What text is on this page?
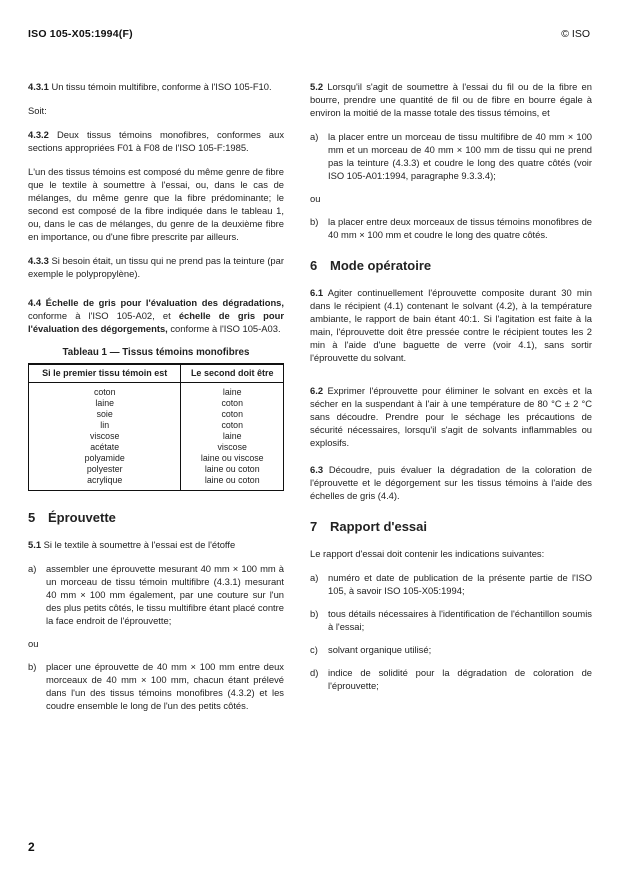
ISO 105-X05:1994(F)	© ISO

4.3.1 Un tissu témoin multifibre, conforme à l'ISO 105-F10.

Soit:

4.3.2 Deux tissus témoins monofibres, conformes aux sections appropriées F01 à F08 de l'ISO 105-F:1985.

L'un des tissus témoins est composé du même genre de fibre que le textile à soumettre à l'essai, ou, dans le cas de mélanges, du même genre que la fibre prédominante; le second est composé de la fibre indiquée dans le tableau 1, ou, dans le cas de mélanges, du genre de la deuxième fibre en importance, ou d'une fibre prescrite par ailleurs.

4.3.3 Si besoin était, un tissu qui ne prend pas la teinture (par exemple le polypropylène).

4.4 Échelle de gris pour l'évaluation des dégradations, conforme à l'ISO 105-A02, et échelle de gris pour l'évaluation des dégorgements, conforme à l'ISO 105-A03.

Tableau 1 — Tissus témoins monofibres
Si le premier tissu témoin est	Le second doit être
coton	laine
laine	coton
soie	coton
lin	coton
viscose	laine
acétate	viscose
polyamide	laine ou viscose
polyester	laine ou coton
acrylique	laine ou coton
5 Éprouvette

5.1 Si le textile à soumettre à l'essai est de l'étoffe

a)	assembler une éprouvette mesurant 40 mm × 100 mm à un morceau de tissu témoin multifibre (4.3.1) mesurant 40 mm × 100 mm également, par une couture sur l'un des plus petits côtés, le tissu multifibre étant placé contre la face endroit de l'éprouvette;
ou
b)	placer une éprouvette de 40 mm × 100 mm entre deux morceaux de 40 mm × 100 mm, chacun étant prélevé dans l'un des tissus témoins monofibres (4.3.2) et les coudre ensemble le long de l'un des petits côtés.

5.2 Lorsqu'il s'agit de soumettre à l'essai du fil ou de la fibre en bourre, prendre une quantité de fil ou de fibre en bourre égale à environ la moitié de la masse totale des tissus témoins, et

a)	la placer entre un morceau de tissu multifibre de 40 mm × 100 mm et un morceau de 40 mm × 100 mm de tissu qui ne prend pas la teinture (4.3.3) et coudre le long des quatre côtés (voir ISO 105-A01:1994, paragraphe 9.3.3.4);
ou
b)	la placer entre deux morceaux de tissus témoins monofibres de 40 mm × 100 mm et coudre le long des quatre côtés.
6 Mode opératoire

6.1 Agiter continuellement l'éprouvette composite durant 30 min dans le récipient (4.1) contenant le solvant (4.2), à la température ambiante, le rapport de bain étant 40:1. Si l'agitation est faite à la main, l'éprouvette doit être pressée contre le récipient toutes les 2 min à l'aide d'une baguette de verre (voir 4.1), sans sortir l'éprouvette du solvant.

6.2 Exprimer l'éprouvette pour éliminer le solvant en excès et la sécher en la suspendant à l'air à une température de 80 °C ± 2 °C sans découdre. Prendre pour le séchage les précautions de sécurité nécessaires, lorsqu'il s'agit de solvants inflammables ou explosifs.

6.3 Découdre, puis évaluer la dégradation de la coloration de l'éprouvette et le dégorgement sur les tissus témoins à l'aide des échelles de gris (4.4).

7 Rapport d'essai

Le rapport d'essai doit contenir les indications suivantes:

a)	numéro et date de publication de la présente partie de l'ISO 105, à savoir ISO 105-X05:1994;
b)	tous détails nécessaires à l'identification de l'échantillon soumis à l'essai;
c)	solvant organique utilisé;
d)	indice de solidité pour la dégradation de coloration de l'éprouvette;
2
